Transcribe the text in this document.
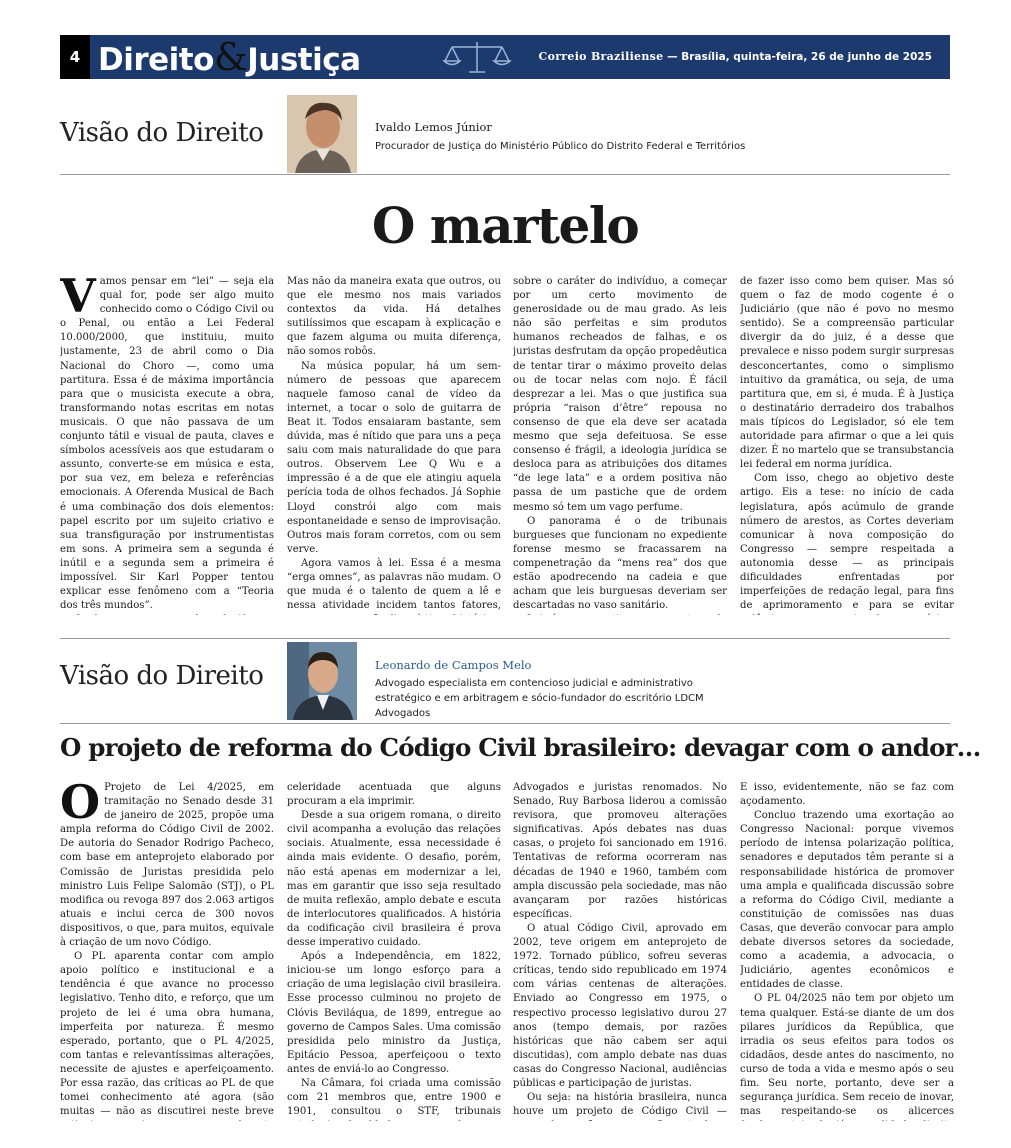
4 Direito&Justiça	Correio Braziliense — Brasília, quinta-feira, 26 de junho de 2025
Visão do Direito	Ivaldo Lemos Júnior
Procurador de Justiça do Ministério Público do Distrito Federal e Territórios
O martelo
V amos pensar em “lei” — seja ela qual for, pode ser algo muito conhecido como o Código Civil ou o Penal, ou então a Lei Federal 10.000/2000, que instituiu, muito justamente, 23 de abril como o Dia Nacional do Choro —, como uma partitura. Essa é de máxima importância para que o musicista execute a obra, transformando notas escritas em notas musicais. O que não passava de um conjunto tátil e visual de pauta, claves e símbolos acessíveis aos que estudaram o assunto, converte-se em música e esta, por sua vez, em beleza e referências emocionais. A Oferenda Musical de Bach é uma combinação dos dois elementos: papel escrito por um sujeito criativo e sua transfiguração por instrumentistas em sons. A primeira sem a segunda é inútil e a segunda sem a primeira é impossível. Sir Karl Popper tentou explicar esse fenômeno com a “Teoria dos três mundos”.

Mas não da maneira exata que outros, ou que ele mesmo nos mais variados contextos da vida. Há detalhes sutilíssimos que escapam à explicação e que fazem alguma ou muita diferença, não somos robôs.

Na música popular, há um sem-número de pessoas que aparecem naquele famoso canal de vídeo da internet, a tocar o solo de guitarra de Beat it. Todos ensaiaram bastante, sem dúvida, mas é nítido que para uns a peça saiu com mais naturalidade do que para outros. Observem Lee Q Wu e a impressão é a de que ele atingiu aquela perícia toda de olhos fechados. Já Sophie Lloyd constrói algo com mais espontaneidade e senso de improvisação. Outros mais foram corretos, com ou sem verve.

Agora vamos à lei. Essa é a mesma “erga omnes”, as palavras não mudam. O que muda é o talento de quem a lê e nessa atividade incidem tantos fatores,

sobre o caráter do indivíduo, a começar por um certo movimento de generosidade ou de mau grado. As leis não são perfeitas e sim produtos humanos recheados de falhas, e os juristas desfrutam da opção propedêutica de tentar tirar o máximo proveito delas ou de tocar nelas com nojo. É fácil desprezar a lei. Mas o que justifica sua própria “raison d’être” repousa no consenso de que ela deve ser acatada mesmo que seja defeituosa. Se esse consenso é frágil, a ideologia jurídica se desloca para as atribuições dos ditames “de lege lata” e a ordem positiva não passa de um pastiche que de ordem mesmo só tem um vago perfume.

O panorama é o de tribunais burgueses que funcionam no expediente forense mesmo se fracassarem na compenetração da “mens rea” dos que estão apodrecendo na cadeia e que acham que leis burguesas deveriam ser descartadas no vaso sanitário.

de fazer isso como bem quiser. Mas só quem o faz de modo cogente é o Judiciário (que não é povo no mesmo sentido). Se a compreensão particular divergir da do juiz, é a desse que prevalece e nisso podem surgir surpresas desconcertantes, como o simplismo intuitivo da gramática, ou seja, de uma partitura que, em si, é muda. É à Justiça o destinatário derradeiro dos trabalhos mais típicos do Legislador, só ele tem autoridade para afirmar o que a lei quis dizer. É no martelo que se transubstancia lei federal em norma jurídica.

Com isso, chego ao objetivo deste artigo. Eis a tese: no início de cada legislatura, após acúmulo de grande número de arestos, as Cortes deveriam comunicar à nova composição do Congresso — sempre respeitada a autonomia desse — as principais dificuldades enfrentadas por imperfeições de redação legal, para fins de aprimoramento e para se evitar

Visão do Direito	Leonardo de Campos Melo
Advogado especialista em contencioso judicial e administrativo estratégico e em arbitragem e sócio-fundador do escritório LDCM Advogados
O projeto de reforma do Código Civil brasileiro: devagar com o andor…
O Projeto de Lei 4/2025, em tramitação no Senado desde 31 de janeiro de 2025, propõe uma ampla reforma do Código Civil de 2002. De autoria do Senador Rodrigo Pacheco, com base em anteprojeto elaborado por Comissão de Juristas presidida pelo ministro Luis Felipe Salomão (STJ), o PL modifica ou revoga 897 dos 2.063 artigos atuais e inclui cerca de 300 novos dispositivos, o que, para muitos, equivale à criação de um novo Código.

O PL aparenta contar com amplo apoio político e institucional e a tendência é que avance no processo legislativo. Tenho dito, e reforço, que um projeto de lei é uma obra humana, imperfeita por natureza. É mesmo esperado, portanto, que o PL 4/2025, com tantas e relevantíssimas alterações, necessite de ajustes e aperfeiçoamento. Por essa razão, das críticas ao PL de que tomei conhecimento até agora (são muitas — não as discutirei neste breve

celeridade acentuada que alguns procuram a ela imprimir.

Desde a sua origem romana, o direito civil acompanha a evolução das relações sociais. Atualmente, essa necessidade é ainda mais evidente. O desafio, porém, não está apenas em modernizar a lei, mas em garantir que isso seja resultado de muita reflexão, amplo debate e escuta de interlocutores qualificados. A história da codificação civil brasileira é prova desse imperativo cuidado.

Após a Independência, em 1822, iniciou-se um longo esforço para a criação de uma legislação civil brasileira. Esse processo culminou no projeto de Clóvis Beviláqua, de 1899, entregue ao governo de Campos Sales. Uma comissão presidida pelo ministro da Justiça, Epitácio Pessoa, aperfeiçoou o texto antes de enviá-lo ao Congresso.

Na Câmara, foi criada uma comissão com 21 membros que, entre 1900 e 1901, consultou o STF, tribunais

Advogados e juristas renomados. No Senado, Ruy Barbosa liderou a comissão revisora, que promoveu alterações significativas. Após debates nas duas casas, o projeto foi sancionado em 1916. Tentativas de reforma ocorreram nas décadas de 1940 e 1960, também com ampla discussão pela sociedade, mas não avançaram por razões históricas específicas.

O atual Código Civil, aprovado em 2002, teve origem em anteprojeto de 1972. Tornado público, sofreu severas críticas, tendo sido republicado em 1974 com várias centenas de alterações. Enviado ao Congresso em 1975, o respectivo processo legislativo durou 27 anos (tempo demais, por razões históricas que não cabem ser aqui discutidas), com amplo debate nas duas casas do Congresso Nacional, audiências públicas e participação de juristas.

Ou seja: na história brasileira, nunca houve um projeto de Código Civil —

E isso, evidentemente, não se faz com açodamento.

Concluo trazendo uma exortação ao Congresso Nacional: porque vivemos período de intensa polarização política, senadores e deputados têm perante si a responsabilidade histórica de promover uma ampla e qualificada discussão sobre a reforma do Código Civil, mediante a constituição de comissões nas duas Casas, que deverão convocar para amplo debate diversos setores da sociedade, como a academia, a advocacia, o Judiciário, agentes econômicos e entidades de classe.

O PL 04/2025 não tem por objeto um tema qualquer. Está-se diante de um dos pilares jurídicos da República, que irradia os seus efeitos para todos os cidadãos, desde antes do nascimento, no curso de toda a vida e mesmo após o seu fim. Seu norte, portanto, deve ser a segurança jurídica. Sem receio de inovar, mas respeitando-se os alicerces
